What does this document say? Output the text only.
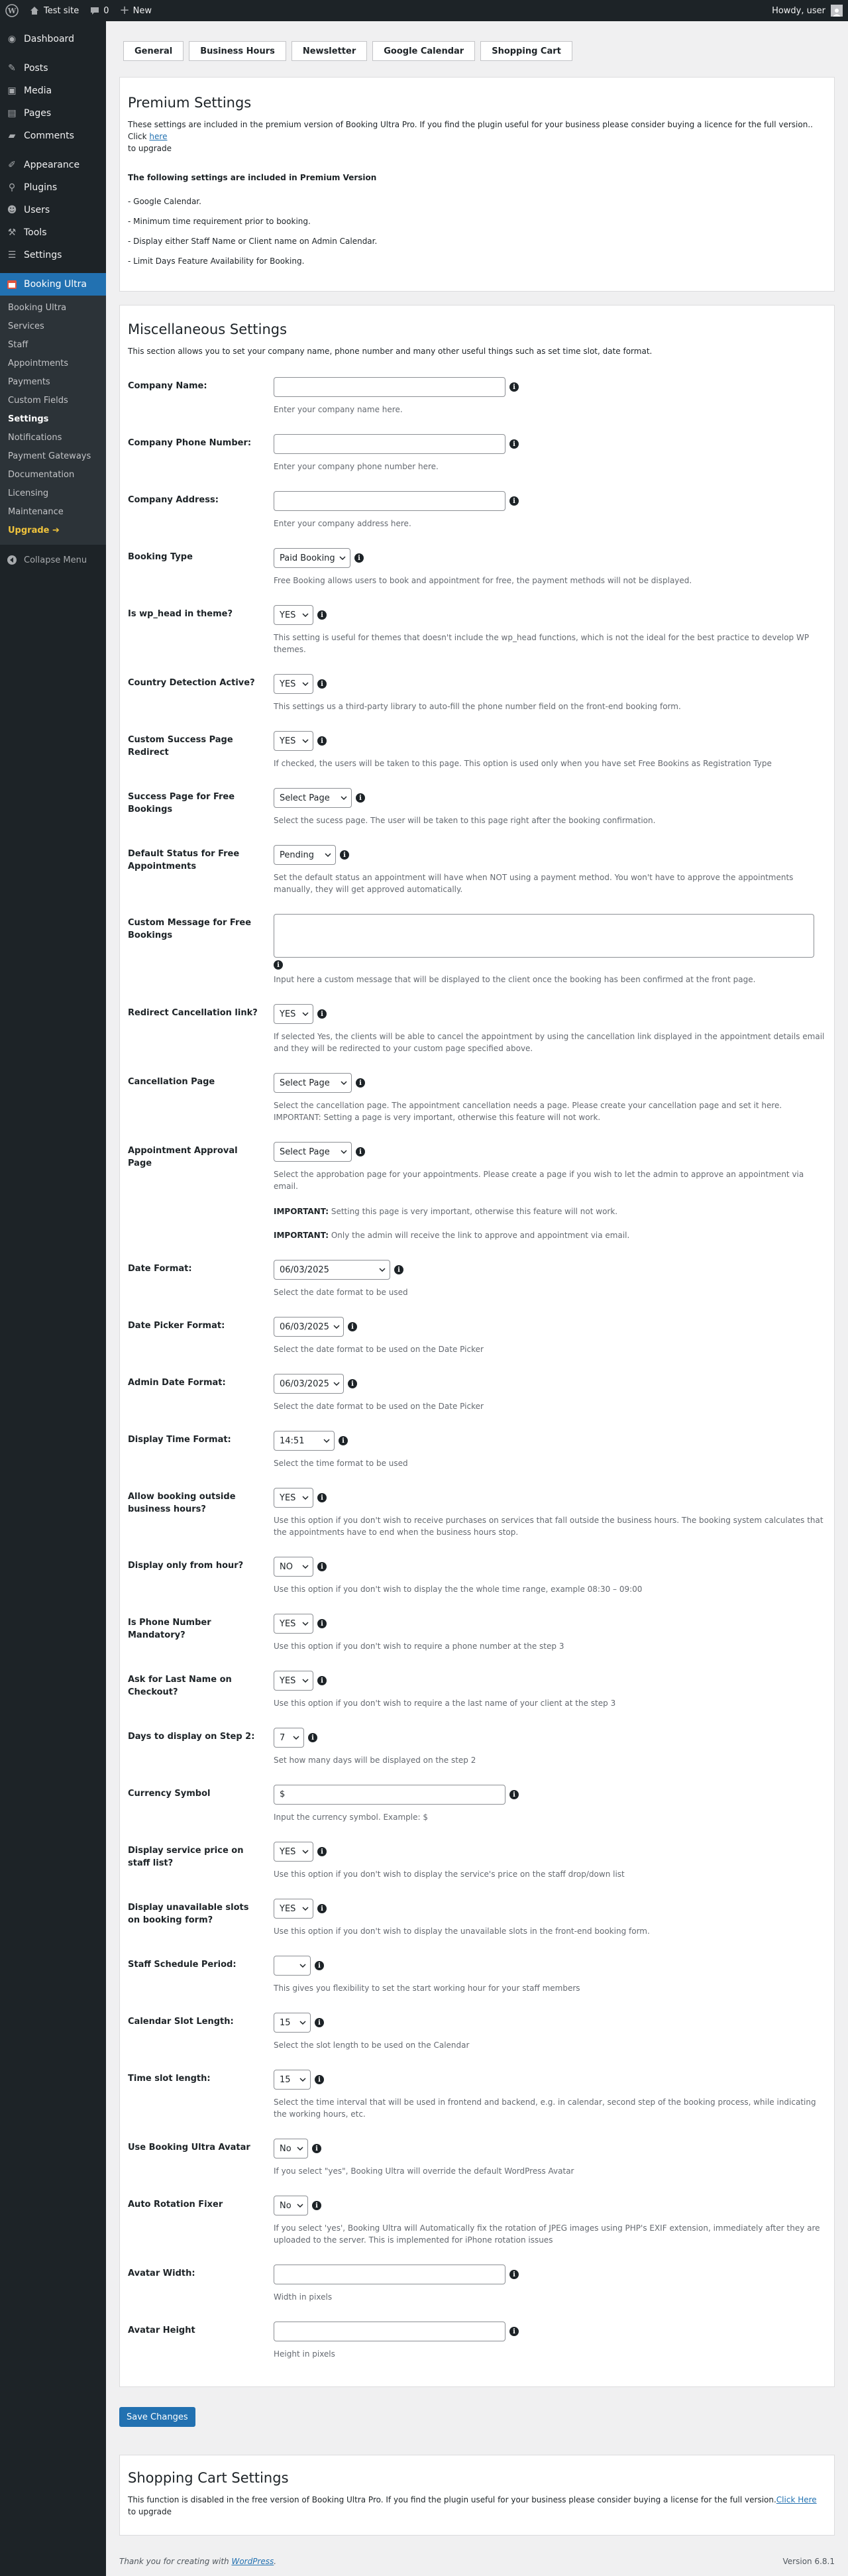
W	Test site	0 + New	Howdy, user
◉ Dashboard
✎ Posts
▣ Media
▤ Pages
▰ Comments
✐ Appearance
⚲ Plugins
☻ Users
⚒ Tools
☰ Settings
Booking Ultra
Booking Ultra
Services
Staff
Appointments
Payments
Custom Fields
Settings
Notifications
Payment Gateways
Documentation
Licensing
Maintenance
Upgrade ➔
Collapse Menu
General	Business Hours	Newsletter	Google Calendar	Shopping Cart
Premium Settings

These settings are included in the premium version of Booking Ultra Pro. If you find the plugin useful for your business please consider buying a licence for the full version.. Click here
to upgrade

The following settings are included in Premium Version
- Google Calendar.
- Minimum time requirement prior to booking.
- Display either Staff Name or Client name on Admin Calendar.
- Limit Days Feature Availability for Booking.
Miscellaneous Settings

This section allows you to set your company name, phone number and many other useful things such as set time slot, date format.

Company Name:	i
Enter your company name here.
Company Phone Number:	i
Enter your company phone number here.
Company Address:	i
Enter your company address here.
Booking Type	Paid Booking	i
Free Booking allows users to book and appointment for free, the payment methods will not be displayed.
Is wp_head in theme?	YES	i
This setting is useful for themes that doesn't include the wp_head functions, which is not the ideal for the best practice to develop WP themes.
Country Detection Active?	YES	i
This settings us a third-party library to auto-fill the phone number field on the front-end booking form.
Custom Success Page Redirect
YES	i
If checked, the users will be taken to this page. This option is used only when you have set Free Bookins as Registration Type
Success Page for Free Bookings
Select Page	i
Select the sucess page. The user will be taken to this page right after the booking confirmation.
Default Status for Free Appointments
Pending	i
Set the default status an appointment will have when NOT using a payment method. You won't have to approve the appointments manually, they will get approved automatically.
Custom Message for Free Bookings
i
Input here a custom message that will be displayed to the client once the booking has been confirmed at the front page.
Redirect Cancellation link?	YES	i
If selected Yes, the clients will be able to cancel the appointment by using the cancellation link displayed in the appointment details email and they will be redirected to your custom page specified above.
Cancellation Page	Select Page	i
Select the cancellation page. The appointment cancellation needs a page. Please create your cancellation page and set it here.
IMPORTANT: Setting a page is very important, otherwise this feature will not work.
Appointment Approval Page
Select Page	i
Select the approbation page for your appointments. Please create a page if you wish to let the admin to approve an appointment via email.
IMPORTANT: Setting this page is very important, otherwise this feature will not work.
IMPORTANT: Only the admin will receive the link to approve and appointment via email.
Date Format:	06/03/2025	i
Select the date format to be used
Date Picker Format:	06/03/2025	i
Select the date format to be used on the Date Picker
Admin Date Format:	06/03/2025	i
Select the date format to be used on the Date Picker
Display Time Format:	14:51	i
Select the time format to be used
Allow booking outside business hours?
YES	i
Use this option if you don't wish to receive purchases on services that fall outside the business hours. The booking system calculates that the appointments have to end when the business hours stop.
Display only from hour?	NO	i
Use this option if you don't wish to display the the whole time range, example 08:30 – 09:00
Is Phone Number Mandatory?
YES	i
Use this option if you don't wish to require a phone number at the step 3
Ask for Last Name on Checkout?
YES	i
Use this option if you don't wish to require a the last name of your client at the step 3
Days to display on Step 2:	7	i
Set how many days will be displayed on the step 2
Currency Symbol	$	i
Input the currency symbol. Example: $
Display service price on staff list?
YES	i
Use this option if you don't wish to display the service's price on the staff drop/down list
Display unavailable slots on booking form?
YES	i
Use this option if you don't wish to display the unavailable slots in the front-end booking form.
Staff Schedule Period:	i
This gives you flexibility to set the start working hour for your staff members
Calendar Slot Length:	15	i
Select the slot length to be used on the Calendar
Time slot length:	15	i
Select the time interval that will be used in frontend and backend, e.g. in calendar, second step of the booking process, while indicating the working hours, etc.
Use Booking Ultra Avatar	No	i
If you select "yes", Booking Ultra will override the default WordPress Avatar
Auto Rotation Fixer	No	i
If you select 'yes', Booking Ultra will Automatically fix the rotation of JPEG images using PHP's EXIF extension, immediately after they are uploaded to the server. This is implemented for iPhone rotation issues
Avatar Width:	i
Width in pixels
Avatar Height	i
Height in pixels
Save Changes
Shopping Cart Settings

This function is disabled in the free version of Booking Ultra Pro. If you find the plugin useful for your business please consider buying a license for the full version.Click Here to upgrade

Thank you for creating with WordPress.	Version 6.8.1
